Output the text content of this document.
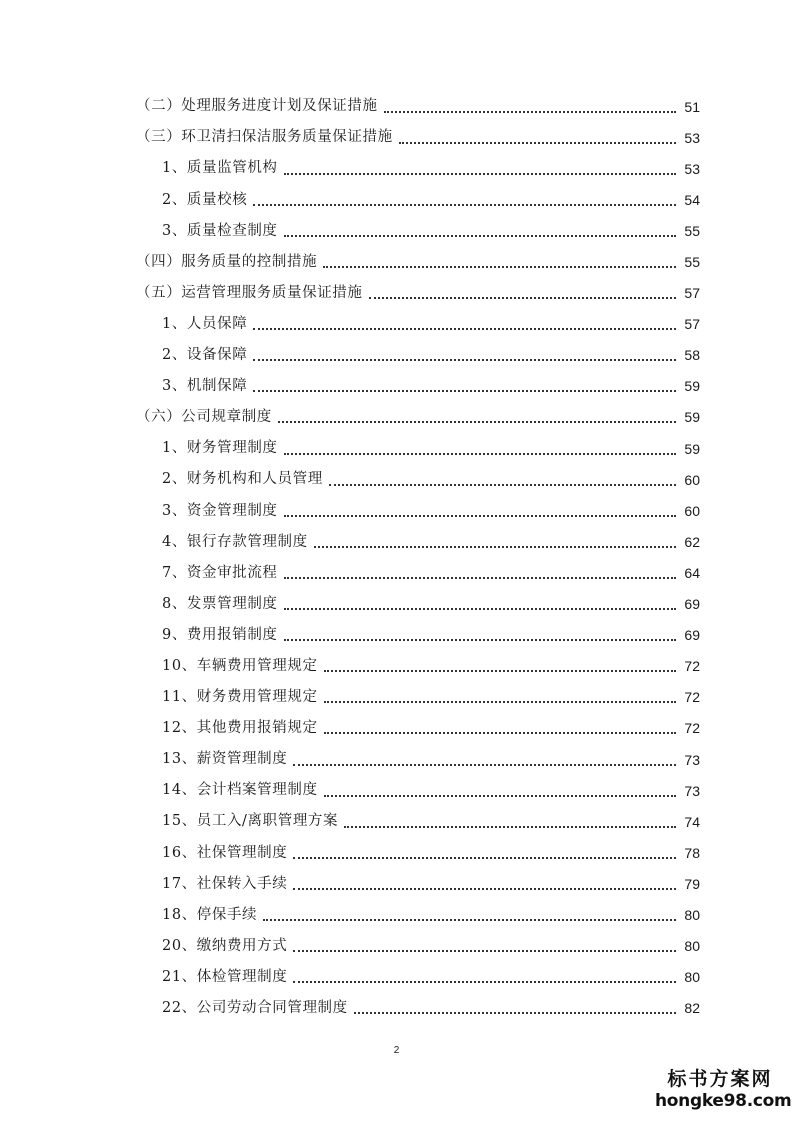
（二）处理服务进度计划及保证措施	51
（三）环卫清扫保洁服务质量保证措施	53
1、质量监管机构	53
2、质量校核	54
3、质量检查制度	55
（四）服务质量的控制措施	55
（五）运营管理服务质量保证措施	57
1、人员保障	57
2、设备保障	58
3、机制保障	59
（六）公司规章制度	59
1、财务管理制度	59
2、财务机构和人员管理	60
3、资金管理制度	60
4、银行存款管理制度	62
7、资金审批流程	64
8、发票管理制度	69
9、费用报销制度	69
10、车辆费用管理规定	72
11、财务费用管理规定	72
12、其他费用报销规定	72
13、薪资管理制度	73
14、会计档案管理制度	73
15、员工入/离职管理方案	74
16、社保管理制度	78
17、社保转入手续	79
18、停保手续	80
20、缴纳费用方式	80
21、体检管理制度	80
22、公司劳动合同管理制度	82
2
标书方案网
hongke98.com
